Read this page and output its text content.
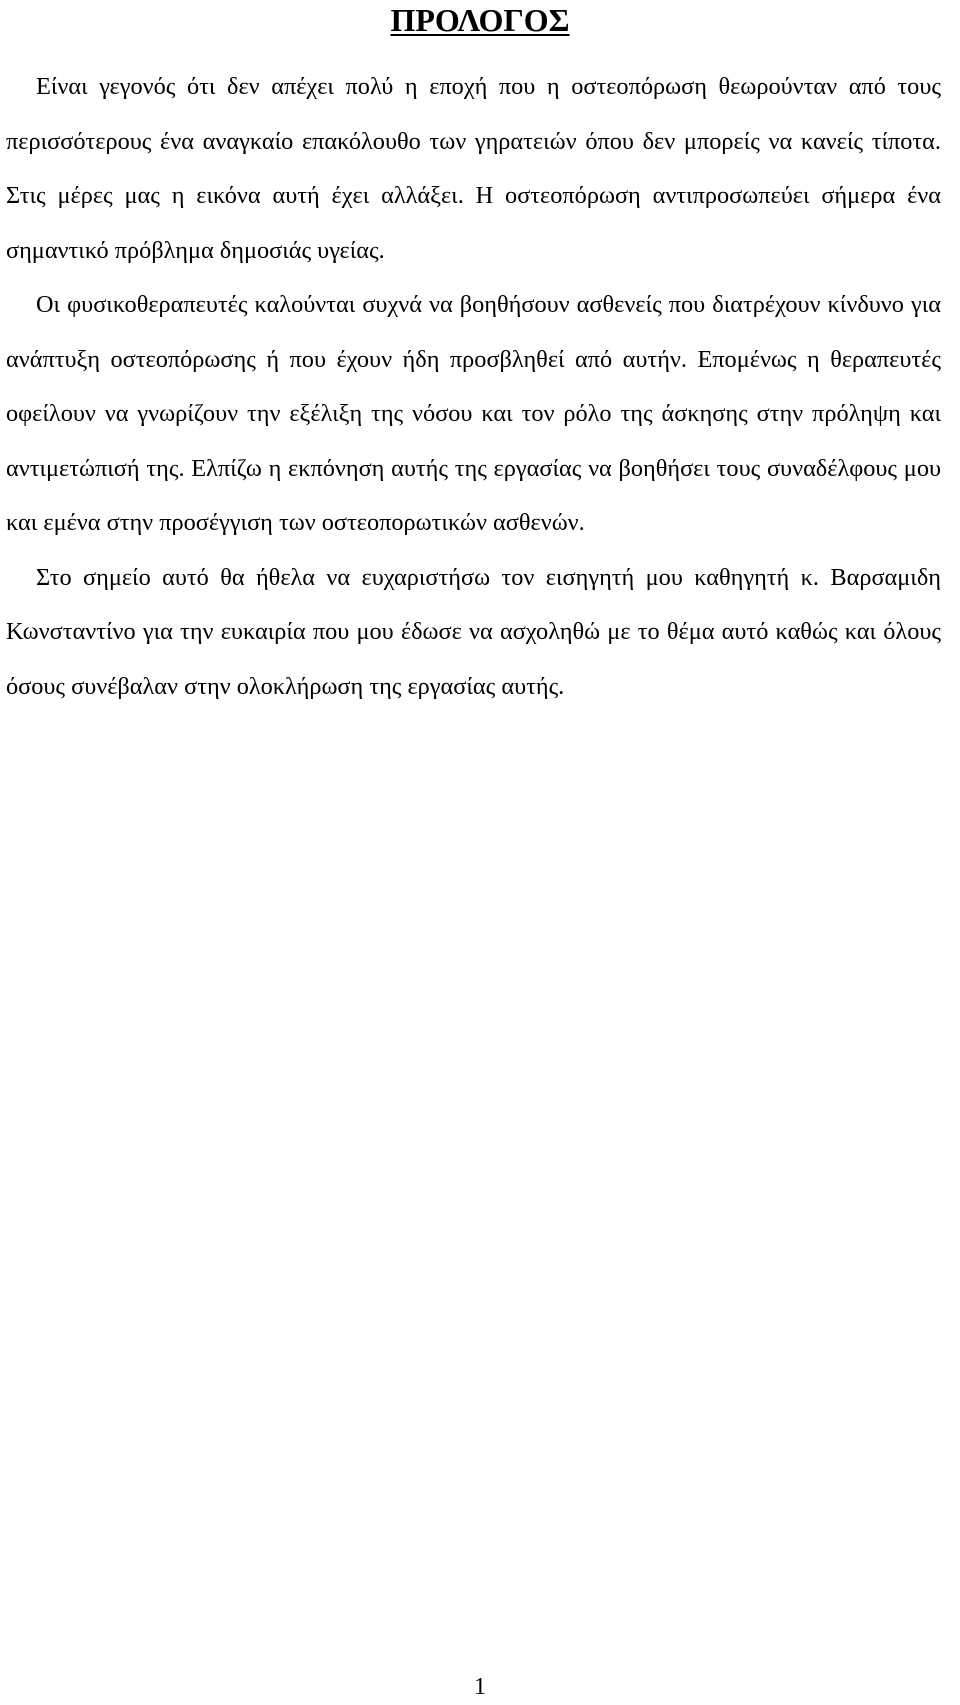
ΠΡΟΛΟΓΟΣ

Είναι γεγονός ότι δεν απέχει πολύ η εποχή που η οστεοπόρωση θεωρούνταν από τους περισσότερους ένα αναγκαίο επακόλουθο των γηρατειών όπου δεν μπορείς να κανείς τίποτα. Στις μέρες μας η εικόνα αυτή έχει αλλάξει. Η οστεοπόρωση αντιπροσωπεύει σήμερα ένα σημαντικό πρόβλημα δημοσιάς υγείας.

Οι φυσικοθεραπευτές καλούνται συχνά να βοηθήσουν ασθενείς που διατρέχουν κίνδυνο για ανάπτυξη οστεοπόρωσης ή που έχουν ήδη προσβληθεί από αυτήν. Επομένως η θεραπευτές οφείλουν να γνωρίζουν την εξέλιξη της νόσου και τον ρόλο της άσκησης στην πρόληψη και αντιμετώπισή της. Ελπίζω η εκπόνηση αυτής της εργασίας να βοηθήσει τους συναδέλφους μου και εμένα στην προσέγγιση των οστεοπορωτικών ασθενών.

Στο σημείο αυτό θα ήθελα να ευχαριστήσω τον εισηγητή μου καθηγητή κ. Βαρσαμιδη Κωνσταντίνο για την ευκαιρία που μου έδωσε να ασχοληθώ με το θέμα αυτό καθώς και όλους όσους συνέβαλαν στην ολοκλήρωση της εργασίας αυτής.

1
